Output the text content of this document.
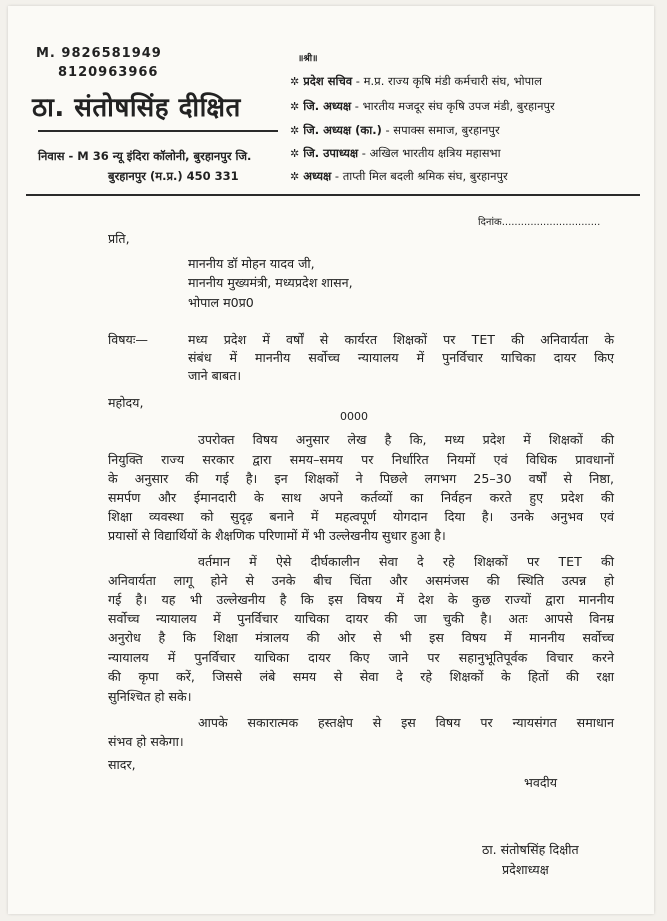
M. 9826581949
8120963966
ठा. संतोषसिंह दीक्षित
निवास - M 36 न्यू इंदिरा कॉलोनी, बुरहानपुर जि.
बुरहानपुर (म.प्र.) 450 331
॥श्री॥
✲ प्रदेश सचिव - म.प्र. राज्य कृषि मंडी कर्मचारी संघ, भोपाल
✲ जि. अध्यक्ष - भारतीय मजदूर संघ कृषि उपज मंडी, बुरहानपुर
✲ जि. अध्यक्ष (का.) - सपाक्स समाज, बुरहानपुर
✲ जि. उपाध्यक्ष - अखिल भारतीय क्षत्रिय महासभा
✲ अध्यक्ष - ताप्ती मिल बदली श्रमिक संघ, बुरहानपुर
दिनांक...............................
प्रति,
माननीय डॉ मोहन यादव जी,
माननीय मुख्यमंत्री, मध्यप्रदेश शासन,
भोपाल म0प्र0
विषयः—	मध्य प्रदेश में वर्षों से कार्यरत शिक्षकों पर TET की अनिवार्यता के
संबंध में माननीय सर्वोच्च न्यायालय में पुनर्विचार याचिका दायर किए
जाने बाबत।
महोदय,
0000
उपरोक्त विषय अनुसार लेख है कि, मध्य प्रदेश में शिक्षकों की
नियुक्ति राज्य सरकार द्वारा समय–समय पर निर्धारित नियमों एवं विधिक प्रावधानों
के अनुसार की गई है। इन शिक्षकों ने पिछले लगभग 25–30 वर्षों से निष्ठा,
समर्पण और ईमानदारी के साथ अपने कर्तव्यों का निर्वहन करते हुए प्रदेश की
शिक्षा व्यवस्था को सुदृढ़ बनाने में महत्वपूर्ण योगदान दिया है। उनके अनुभव एवं
प्रयासों से विद्यार्थियों के शैक्षणिक परिणामों में भी उल्लेखनीय सुधार हुआ है।
वर्तमान में ऐसे दीर्घकालीन सेवा दे रहे शिक्षकों पर TET की
अनिवार्यता लागू होने से उनके बीच चिंता और असमंजस की स्थिति उत्पन्न हो
गई है। यह भी उल्लेखनीय है कि इस विषय में देश के कुछ राज्यों द्वारा माननीय
सर्वोच्च न्यायालय में पुनर्विचार याचिका दायर की जा चुकी है। अतः आपसे विनम्र
अनुरोध है कि शिक्षा मंत्रालय की ओर से भी इस विषय में माननीय सर्वोच्च
न्यायालय में पुनर्विचार याचिका दायर किए जाने पर सहानुभूतिपूर्वक विचार करने
की कृपा करें, जिससे लंबे समय से सेवा दे रहे शिक्षकों के हितों की रक्षा
सुनिश्चित हो सके।
आपके सकारात्मक हस्तक्षेप से इस विषय पर न्यायसंगत समाधान
संभव हो सकेगा।
सादर,
भवदीय
ठा. संतोषसिंह दिक्षीत
प्रदेशाध्यक्ष
